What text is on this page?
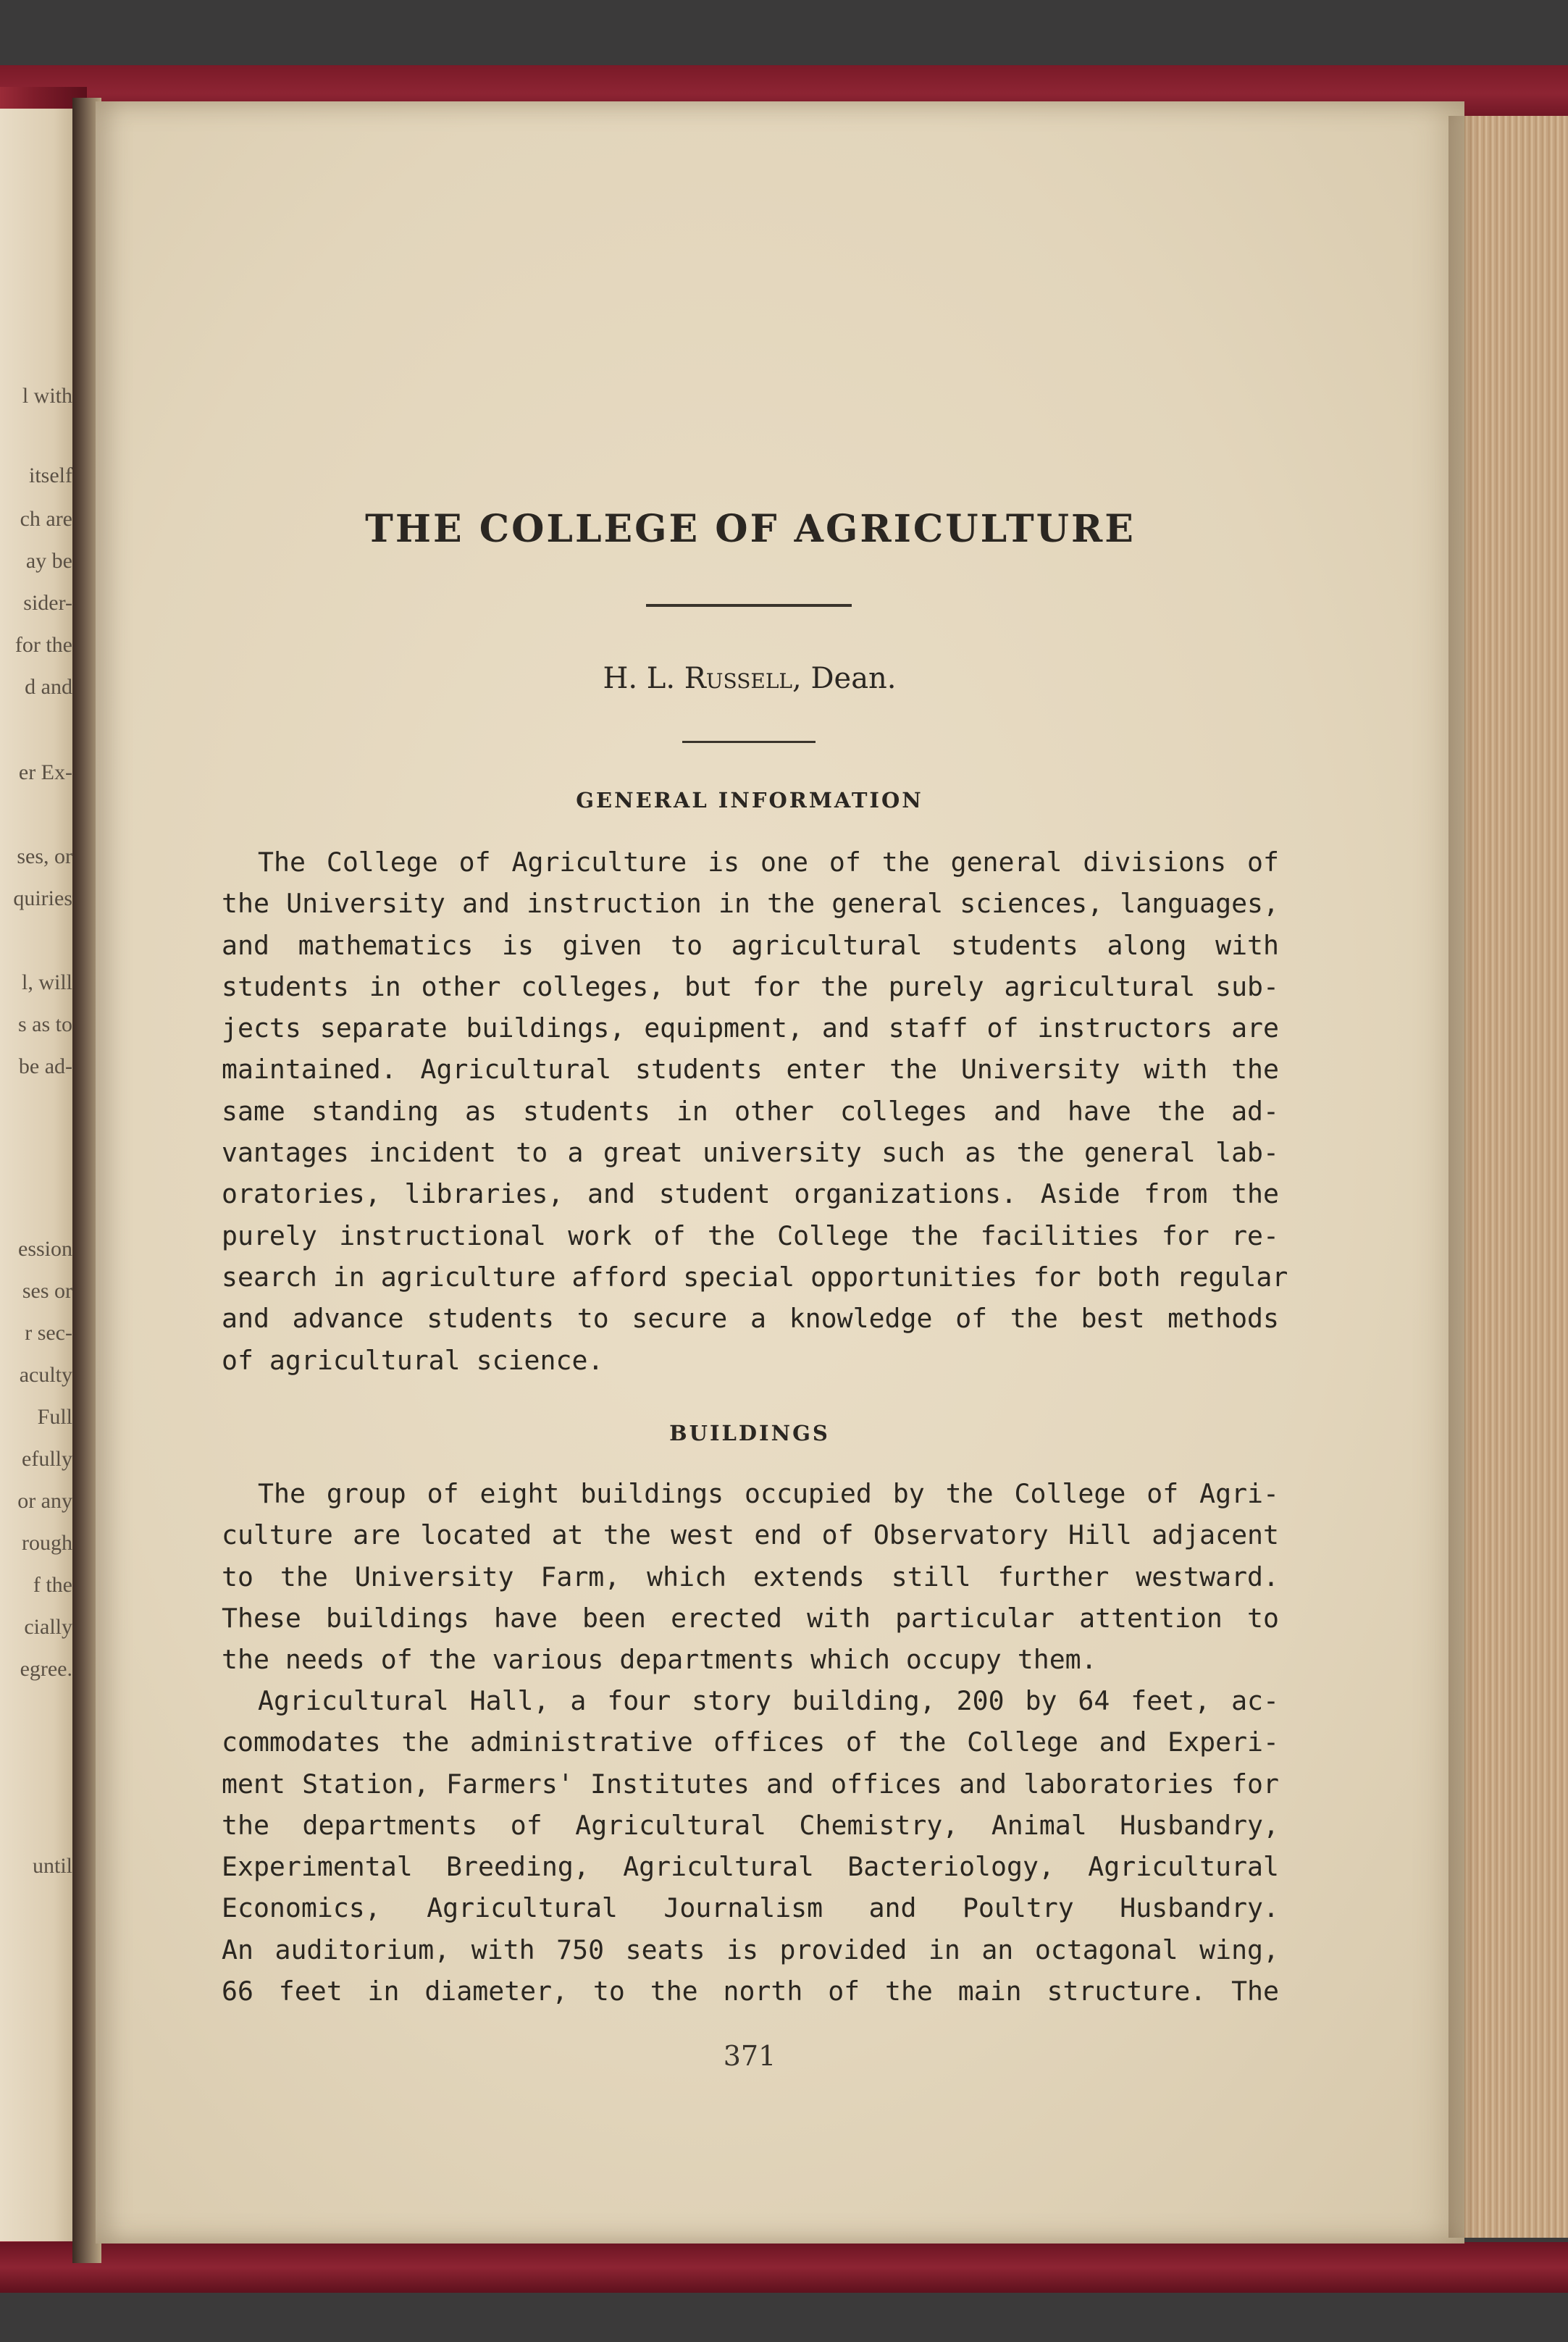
l with
itself
ch are
ay be
sider-
for the
d and
er Ex-
ses, or
quiries
l, will
s as to
be ad-
ession
ses or
r sec-
aculty
Full
efully
or any
rough
f the
cially
egree.
until
THE COLLEGE OF AGRICULTURE
H. L. Russell, Dean.
GENERAL INFORMATION
The College of Agriculture is one of the general divisions of
the University and instruction in the general sciences, languages,
and mathematics is given to agricultural students along with
students in other colleges, but for the purely agricultural sub-
jects separate buildings, equipment, and staff of instructors are
maintained. Agricultural students enter the University with the
same standing as students in other colleges and have the ad-
vantages incident to a great university such as the general lab-
oratories, libraries, and student organizations. Aside from the
purely instructional work of the College the facilities for re-
search in agriculture afford special opportunities for both regular
and advance students to secure a knowledge of the best methods
of agricultural science.
BUILDINGS
The group of eight buildings occupied by the College of Agri-
culture are located at the west end of Observatory Hill adjacent
to the University Farm, which extends still further westward.
These buildings have been erected with particular attention to
the needs of the various departments which occupy them.
Agricultural Hall, a four story building, 200 by 64 feet, ac-
commodates the administrative offices of the College and Experi-
ment Station, Farmers' Institutes and offices and laboratories for
the departments of Agricultural Chemistry, Animal Husbandry,
Experimental Breeding, Agricultural Bacteriology, Agricultural
Economics, Agricultural Journalism and Poultry Husbandry.
An auditorium, with 750 seats is provided in an octagonal wing,
66 feet in diameter, to the north of the main structure. The
371
